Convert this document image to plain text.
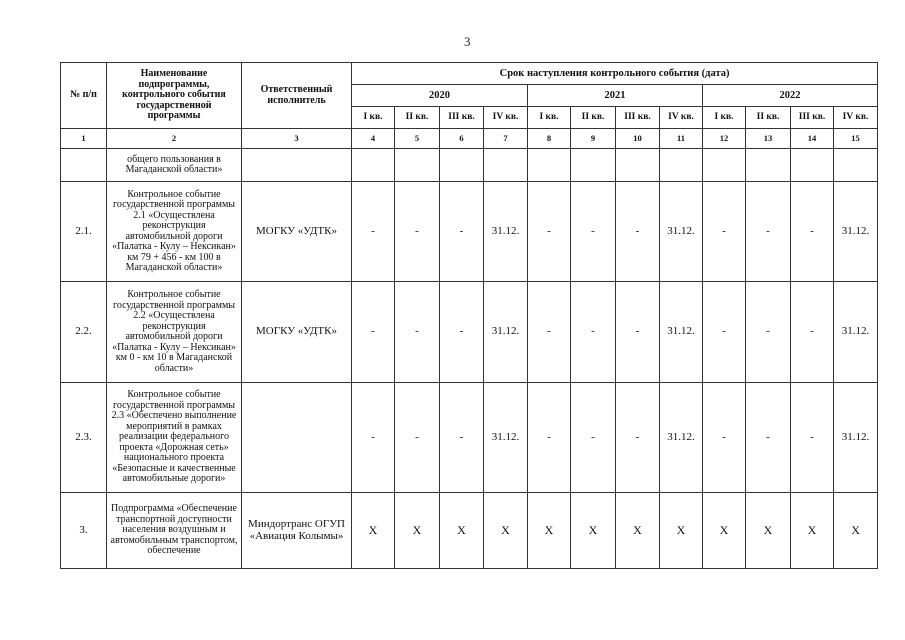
3
№ п/п	Наименование подпрограммы, контрольного события государственной программы	Ответственный исполнитель	Срок наступления контрольного события (дата)											
			2020				2021				2022			
			I кв.	II кв.	III кв.	IV кв.	I кв.	II кв.	III кв.	IV кв.	I кв.	II кв.	III кв.	IV кв.
1	2	3	4	5	6	7	8	9	10	11	12	13	14	15
	общего пользования в Магаданской области»													
2.1.	Контрольное событие государственной программы 2.1 «Осуществлена реконструкция автомобильной дороги «Палатка - Кулу – Нексикан» км 79 + 456 - км 100 в Магаданской области»	МОГКУ «УДТК»	-	-	-	31.12.	-	-	-	31.12.	-	-	-	31.12.
2.2.	Контрольное событие государственной программы 2.2 «Осуществлена реконструкция автомобильной дороги «Палатка - Кулу – Нексикан» км 0 - км 10 в Магаданской области»	МОГКУ «УДТК»	-	-	-	31.12.	-	-	-	31.12.	-	-	-	31.12.
2.3.	Контрольное событие государственной программы 2.3 «Обеспечено выполнение мероприятий в рамках реализации федерального проекта «Дорожная сеть» национального проекта «Безопасные и качественные автомобильные дороги»		-	-	-	31.12.	-	-	-	31.12.	-	-	-	31.12.
3.	Подпрограмма «Обеспечение транспортной доступности населения воздушным и автомобильным транспортом, обеспечение	Миндортранс ОГУП «Авиация Колымы»	X	X	X	X	X	X	X	X	X	X	X	X
